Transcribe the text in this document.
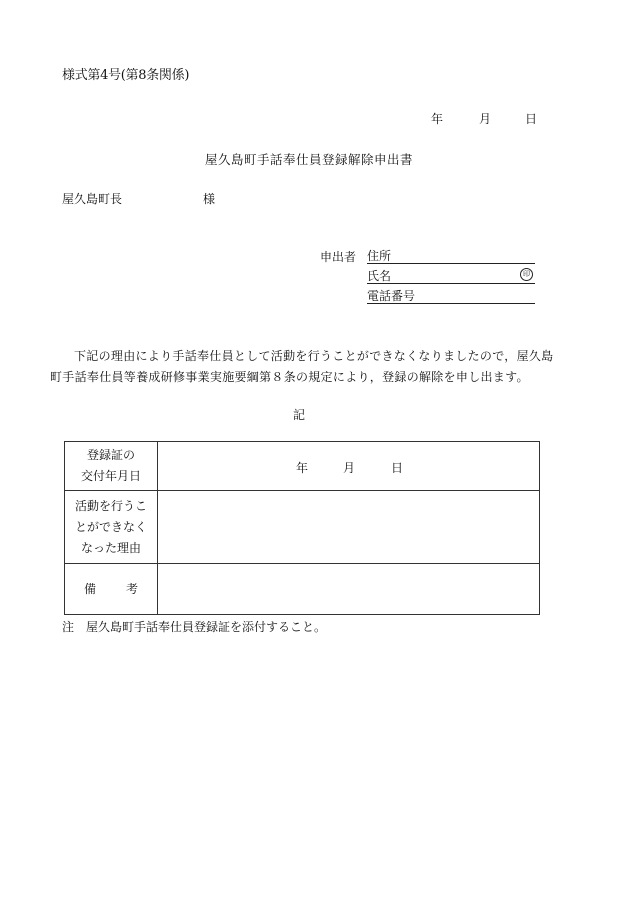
様式第4号(第8条関係)
年	月	日
屋久島町手話奉仕員登録解除申出書
屋久島町長	様
申出者 住所
氏名	印
電話番号
下記の理由により手話奉仕員として活動を行うことができなくなりましたので，屋久島
町手話奉仕員等養成研修事業実施要綱第８条の規定により，登録の解除を申し出ます。
記
登録証の
交付年月日	年 月 日

活動を行うこ
とができなく
なった理由	

備 考	
注 屋久島町手話奉仕員登録証を添付すること。
